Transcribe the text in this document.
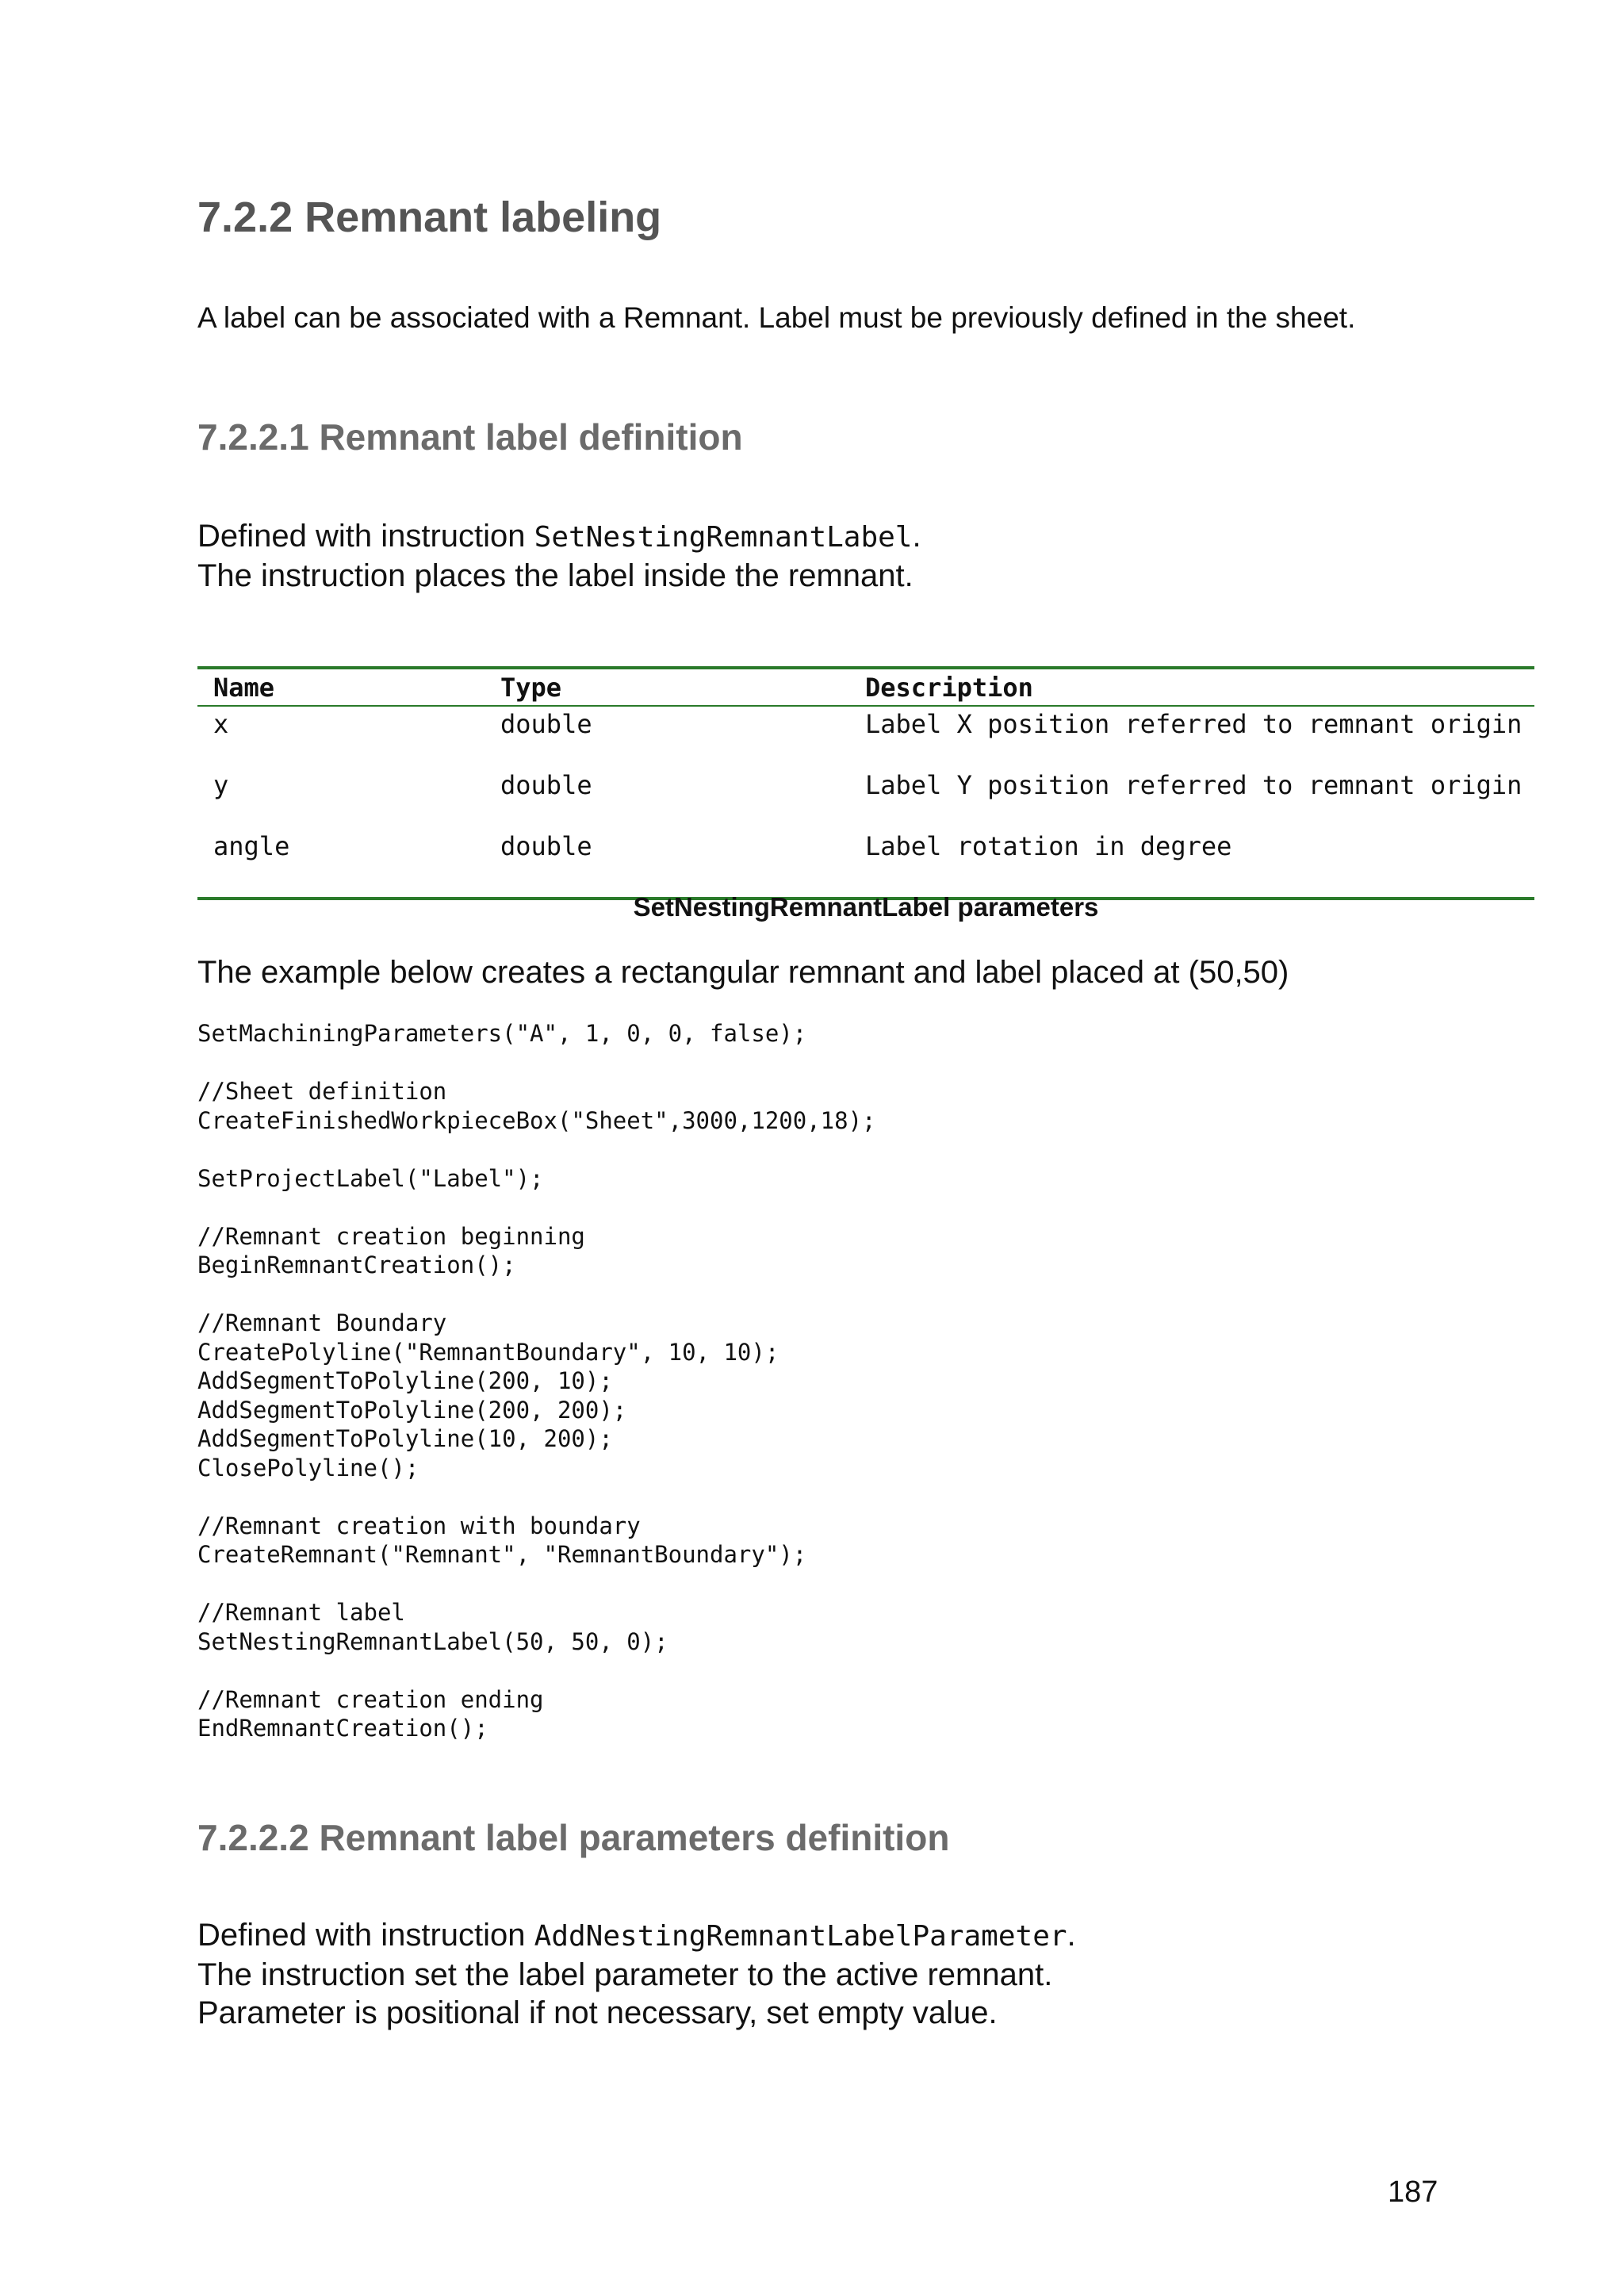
7.2.2 Remnant labeling

A label can be associated with a Remnant. Label must be previously defined in the sheet.

7.2.2.1 Remnant label definition

Defined with instruction SetNestingRemnantLabel.
The instruction places the label inside the remnant.

Name	Type	Description
x	double	Label X position referred to remnant origin
y	double	Label Y position referred to remnant origin
angle	double	Label rotation in degree
SetNestingRemnantLabel parameters

The example below creates a rectangular remnant and label placed at (50,50)

SetMachiningParameters("A", 1, 0, 0, false);
//Sheet definition
CreateFinishedWorkpieceBox("Sheet",3000,1200,18);
SetProjectLabel("Label");
//Remnant creation beginning
BeginRemnantCreation();
//Remnant Boundary
CreatePolyline("RemnantBoundary", 10, 10);
AddSegmentToPolyline(200, 10);
AddSegmentToPolyline(200, 200);
AddSegmentToPolyline(10, 200);
ClosePolyline();
//Remnant creation with boundary
CreateRemnant("Remnant", "RemnantBoundary");
//Remnant label
SetNestingRemnantLabel(50, 50, 0);
//Remnant creation ending
EndRemnantCreation();
7.2.2.2 Remnant label parameters definition

Defined with instruction AddNestingRemnantLabelParameter.
The instruction set the label parameter to the active remnant.
Parameter is positional if not necessary, set empty value.

187
